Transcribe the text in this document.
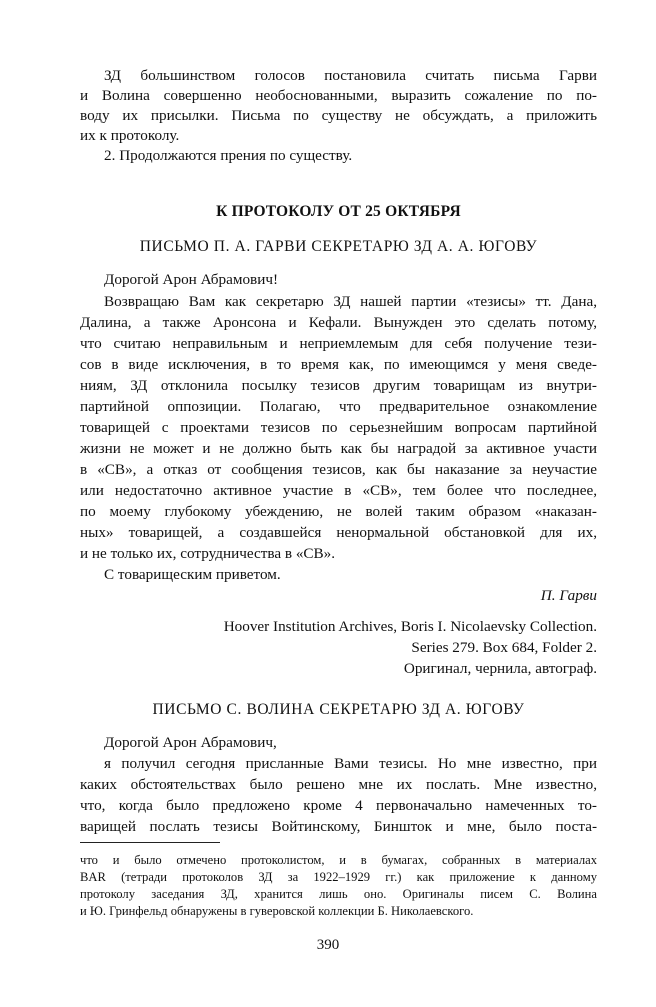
ЗД большинством голосов постановила считать письма Гарви
и Волина совершенно необоснованными, выразить сожаление по по-
воду их присылки. Письма по существу не обсуждать, а приложить
их к протоколу.
2. Продолжаются прения по существу.
К ПРОТОКОЛУ ОТ 25 ОКТЯБРЯ
ПИСЬМО П. А. ГАРВИ СЕКРЕТАРЮ ЗД А. А. ЮГОВУ
Дорогой Арон Абрамович!
Возвращаю Вам как секретарю ЗД нашей партии «тезисы» тт. Дана,
Далина, а также Аронсона и Кефали. Вынужден это сделать потому,
что считаю неправильным и неприемлемым для себя получение тези-
сов в виде исключения, в то время как, по имеющимся у меня сведе-
ниям, ЗД отклонила посылку тезисов другим товарищам из внутри-
партийной оппозиции. Полагаю, что предварительное ознакомление
товарищей с проектами тезисов по серьезнейшим вопросам партийной
жизни не может и не должно быть как бы наградой за активное участи
в «СВ», а отказ от сообщения тезисов, как бы наказание за неучастие
или недостаточно активное участие в «СВ», тем более что последнее,
по моему глубокому убеждению, не волей таким образом «наказан-
ных» товарищей, а создавшейся ненормальной обстановкой для их,
и не только их, сотрудничества в «СВ».
С товарищеским приветом.
П. Гарви
Hoover Institution Archives, Boris I. Nicolaevsky Collection.
Series 279. Box 684, Folder 2.
Оригинал, чернила, автограф.
ПИСЬМО С. ВОЛИНА СЕКРЕТАРЮ ЗД А. ЮГОВУ
Дорогой Арон Абрамович,
я получил сегодня присланные Вами тезисы. Но мне известно, при
каких обстоятельствах было решено мне их послать. Мне известно,
что, когда было предложено кроме 4 первоначально намеченных то-
варищей послать тезисы Войтинскому, Биншток и мне, было поста-
что и было отмечено протоколистом, и в бумагах, собранных в материалах
BAR (тетради протоколов ЗД за 1922–1929 гг.) как приложение к данному
протоколу заседания ЗД, хранится лишь оно. Оригиналы писем С. Волина
и Ю. Гринфельд обнаружены в гуверовской коллекции Б. Николаевского.
390
